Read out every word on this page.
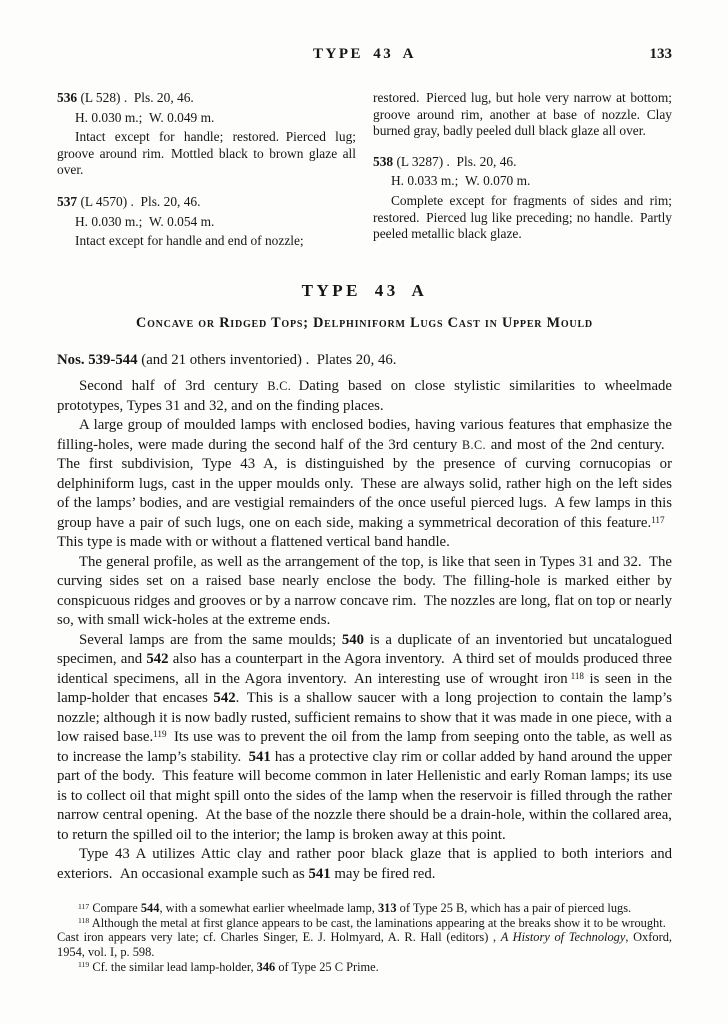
TYPE 43 A	133

536 (L 528) . Pls. 20, 46.

H. 0.030 m.; W. 0.049 m.

Intact except for handle; restored. Pierced lug; groove around rim. Mottled black to brown glaze all over.

537 (L 4570) . Pls. 20, 46.

H. 0.030 m.; W. 0.054 m.

Intact except for handle and end of nozzle;

restored. Pierced lug, but hole very narrow at bottom; groove around rim, another at base of nozzle. Clay burned gray, badly peeled dull black glaze all over.

538 (L 3287) . Pls. 20, 46.

H. 0.033 m.; W. 0.070 m.

Complete except for fragments of sides and rim; restored. Pierced lug like preceding; no handle. Partly peeled metallic black glaze.

TYPE 43 A
Concave or Ridged Tops; Delphiniform Lugs Cast in Upper Mould

Nos. 539-544 (and 21 others inventoried) . Plates 20, 46.

Second half of 3rd century B.C. Dating based on close stylistic similarities to wheelmade prototypes, Types 31 and 32, and on the finding places.

A large group of moulded lamps with enclosed bodies, having various features that emphasize the filling-holes, were made during the second half of the 3rd century B.C. and most of the 2nd century. The first subdivision, Type 43 A, is distinguished by the presence of curving cornucopias or delphiniform lugs, cast in the upper moulds only. These are always solid, rather high on the left sides of the lamps’ bodies, and are vestigial remainders of the once useful pierced lugs. A few lamps in this group have a pair of such lugs, one on each side, making a symmetrical decoration of this feature.$^{117}$ This type is made with or without a flattened vertical band handle.

The general profile, as well as the arrangement of the top, is like that seen in Types 31 and 32. The curving sides set on a raised base nearly enclose the body. The filling-hole is marked either by conspicuous ridges and grooves or by a narrow concave rim. The nozzles are long, flat on top or nearly so, with small wick-holes at the extreme ends.

Several lamps are from the same moulds; 540 is a duplicate of an inventoried but uncatalogued specimen, and 542 also has a counterpart in the Agora inventory. A third set of moulds produced three identical specimens, all in the Agora inventory. An interesting use of wrought iron $^{118}$ is seen in the lamp-holder that encases 542. This is a shallow saucer with a long projection to contain the lamp’s nozzle; although it is now badly rusted, sufficient remains to show that it was made in one piece, with a low raised base.$^{119}$ Its use was to prevent the oil from the lamp from seeping onto the table, as well as to increase the lamp’s stability. 541 has a protective clay rim or collar added by hand around the upper part of the body. This feature will become common in later Hellenistic and early Roman lamps; its use is to collect oil that might spill onto the sides of the lamp when the reservoir is filled through the rather narrow central opening. At the base of the nozzle there should be a drain-hole, within the collared area, to return the spilled oil to the interior; the lamp is broken away at this point.

Type 43 A utilizes Attic clay and rather poor black glaze that is applied to both interiors and exteriors. An occasional example such as 541 may be fired red.

$^{117}$ Compare 544, with a somewhat earlier wheelmade lamp, 313 of Type 25 B, which has a pair of pierced lugs.

$^{118}$ Although the metal at first glance appears to be cast, the laminations appearing at the breaks show it to be wrought. Cast iron appears very late; cf. Charles Singer, E. J. Holmyard, A. R. Hall (editors) , A History of Technology, Oxford, 1954, vol. I, p. 598.

$^{119}$ Cf. the similar lead lamp-holder, 346 of Type 25 C Prime.
